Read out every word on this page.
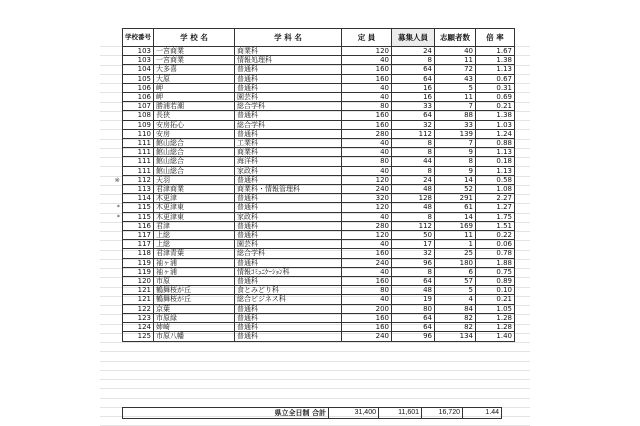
※
*
*
学校番号	学 校 名	学 科 名	定 員	募集人員	志願者数	倍 率
103	一宮商業	商業科	120	24	40	1.67
103	一宮商業	情報処理科	40	8	11	1.38
104	大多喜	普通科	160	64	72	1.13
105	大原	普通科	160	64	43	0.67
106	岬	普通科	40	16	5	0.31
106	岬	園芸科	40	16	11	0.69
107	勝浦若潮	総合学科	80	33	7	0.21
108	長狭	普通科	160	64	88	1.38
109	安房拓心	総合学科	160	32	33	1.03
110	安房	普通科	280	112	139	1.24
111	館山総合	工業科	40	8	7	0.88
111	館山総合	商業科	40	8	9	1.13
111	館山総合	海洋科	80	44	8	0.18
111	館山総合	家政科	40	8	9	1.13
112	天羽	普通科	120	24	14	0.58
113	君津商業	商業科・情報管理科	240	48	52	1.08
114	木更津	普通科	320	128	291	2.27
115	木更津東	普通科	120	48	61	1.27
115	木更津東	家政科	40	8	14	1.75
116	君津	普通科	280	112	169	1.51
117	上総	普通科	120	50	11	0.22
117	上総	園芸科	40	17	1	0.06
118	君津青葉	総合学科	160	32	25	0.78
119	袖ヶ浦	普通科	240	96	180	1.88
119	袖ヶ浦	情報ｺﾐｭﾆｹｰｼｮﾝ科	40	8	6	0.75
120	市原	普通科	160	64	57	0.89
121	鶴舞桜が丘	食とみどり科	80	48	5	0.10
121	鶴舞桜が丘	総合ビジネス科	40	19	4	0.21
122	京葉	普通科	200	80	84	1.05
123	市原緑	普通科	160	64	82	1.28
124	姉崎	普通科	160	64	82	1.28
125	市原八幡	普通科	240	96	134	1.40
県立全日制 合計	31,400	11,601	16,720	1.44
